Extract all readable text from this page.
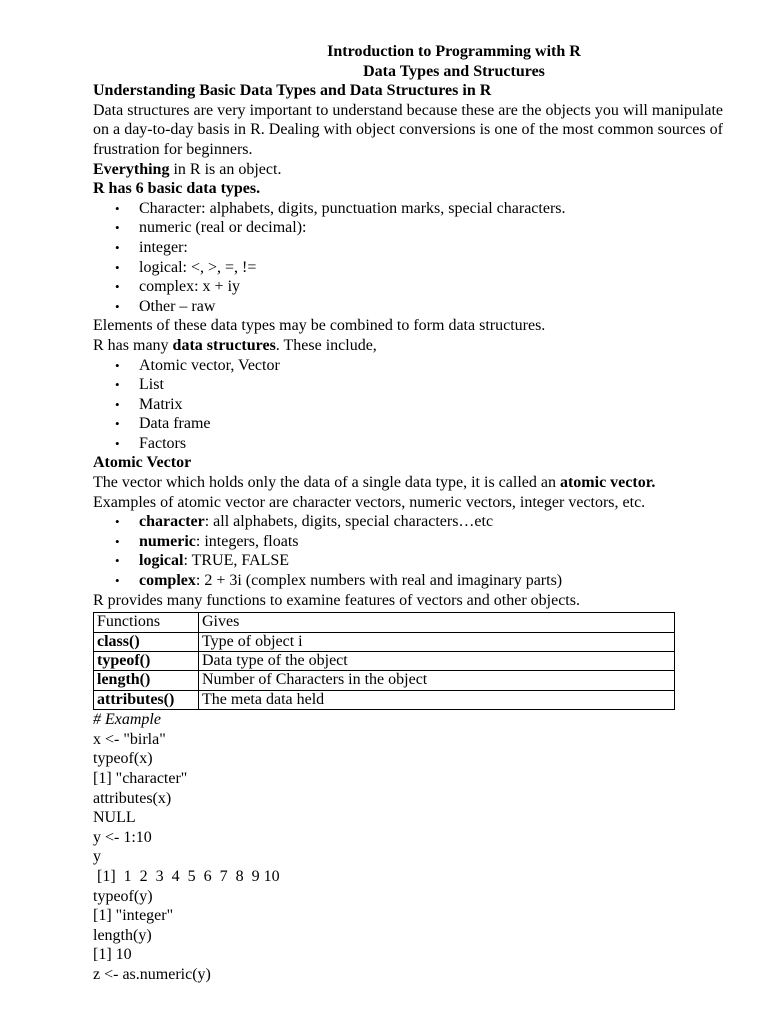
Introduction to Programming with R
Data Types and Structures
Understanding Basic Data Types and Data Structures in R
Data structures are very important to understand because these are the objects you will manipulate on a day-to-day basis in R. Dealing with object conversions is one of the most common sources of frustration for beginners.
Everything in R is an object.
R has 6 basic data types.
• Character: alphabets, digits, punctuation marks, special characters.
• numeric (real or decimal):
• integer:
• logical: <, >, =, !=
• complex: x + iy
• Other – raw
Elements of these data types may be combined to form data structures.
R has many data structures. These include,
• Atomic vector, Vector
• List
• Matrix
• Data frame
• Factors
Atomic Vector
The vector which holds only the data of a single data type, it is called an atomic vector.
Examples of atomic vector are character vectors, numeric vectors, integer vectors, etc.
• character: all alphabets, digits, special characters…etc
• numeric: integers, floats
• logical: TRUE, FALSE
• complex: 2 + 3i (complex numbers with real and imaginary parts)
R provides many functions to examine features of vectors and other objects.
Functions	Gives
class()	Type of object i
typeof()	Data type of the object
length()	Number of Characters in the object
attributes()	The meta data held
# Example
x <- "birla"
typeof(x)
[1] "character"
attributes(x)
NULL
y <- 1:10
y
[1]  1  2  3  4  5  6  7  8  9 10
typeof(y)
[1] "integer"
length(y)
[1] 10
z <- as.numeric(y)
